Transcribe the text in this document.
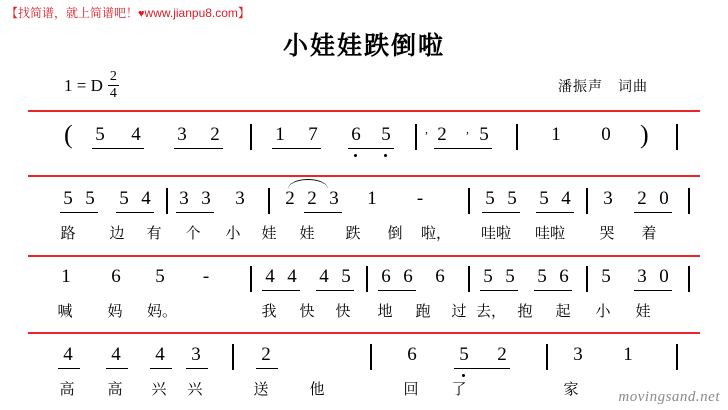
【找简谱，就上简谱吧！♥www.jianpu8.com】
小娃娃跌倒啦
潘振声　词曲
1 = D $\frac{2}{4}$
( 5 4 3 2	1 7 6 5	, 2 , 5	1 0 )
5 5 5 4 3 3 3 2 2 3 1 -	5 5 5 4 3 2 0
路 边 有 个 小 娃 娃 跌 倒 啦， 哇啦 哇啦 哭 着
1 6 5 -	4 4 4 5 6 6 6 5 5 5 6 5 3 0
喊 妈 妈。	我 快 快 地 跑	过 去， 抱 起 小 娃
4 4 4 3	2	6 5 2	3 1
高 高 兴 兴	送	他	回 了	家	movingsand.net
